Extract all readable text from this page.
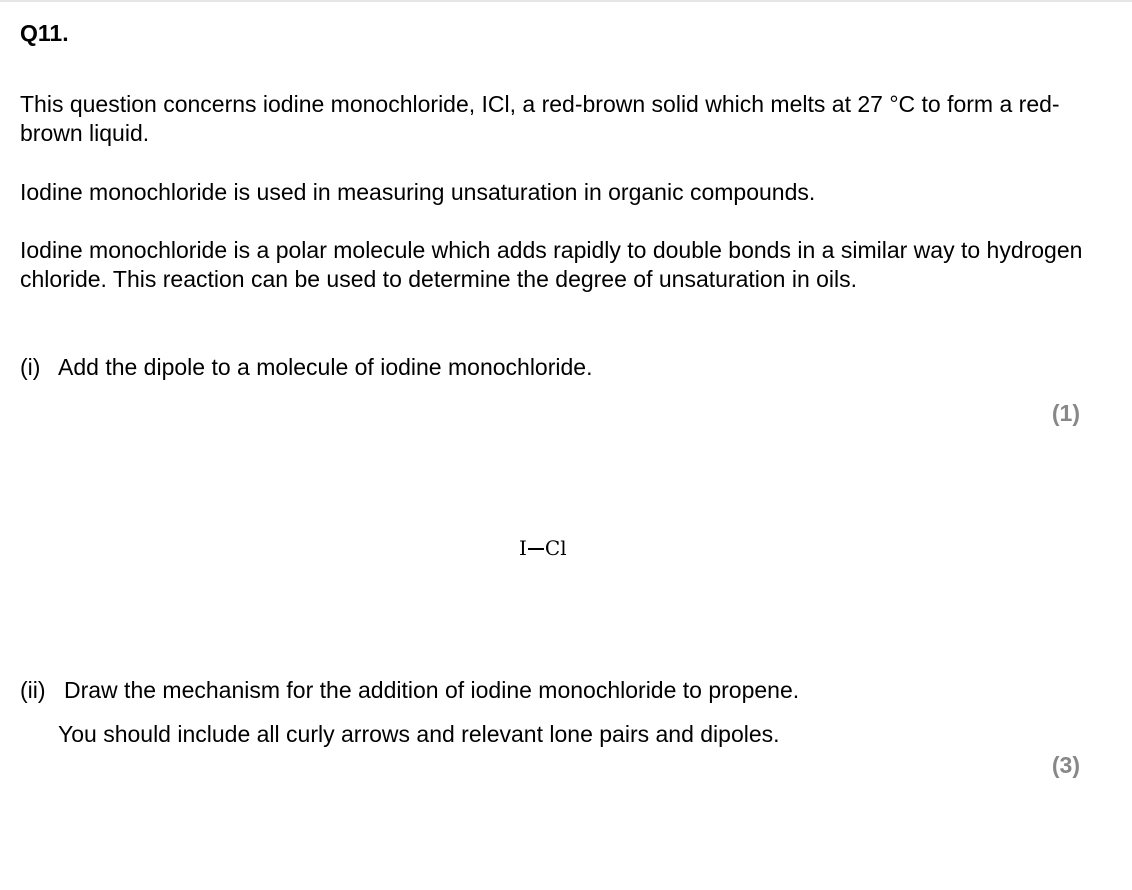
Q11.

This question concerns iodine monochloride, ICl, a red-brown solid which melts at 27 °C to form a red-brown liquid.

Iodine monochloride is used in measuring unsaturation in organic compounds.

Iodine monochloride is a polar molecule which adds rapidly to double bonds in a similar way to hydrogen chloride. This reaction can be used to determine the degree of unsaturation in oils.

(i) Add the dipole to a molecule of iodine monochloride.

(1)
I Cl

(ii) Draw the mechanism for the addition of iodine monochloride to propene.

You should include all curly arrows and relevant lone pairs and dipoles.

(3)
